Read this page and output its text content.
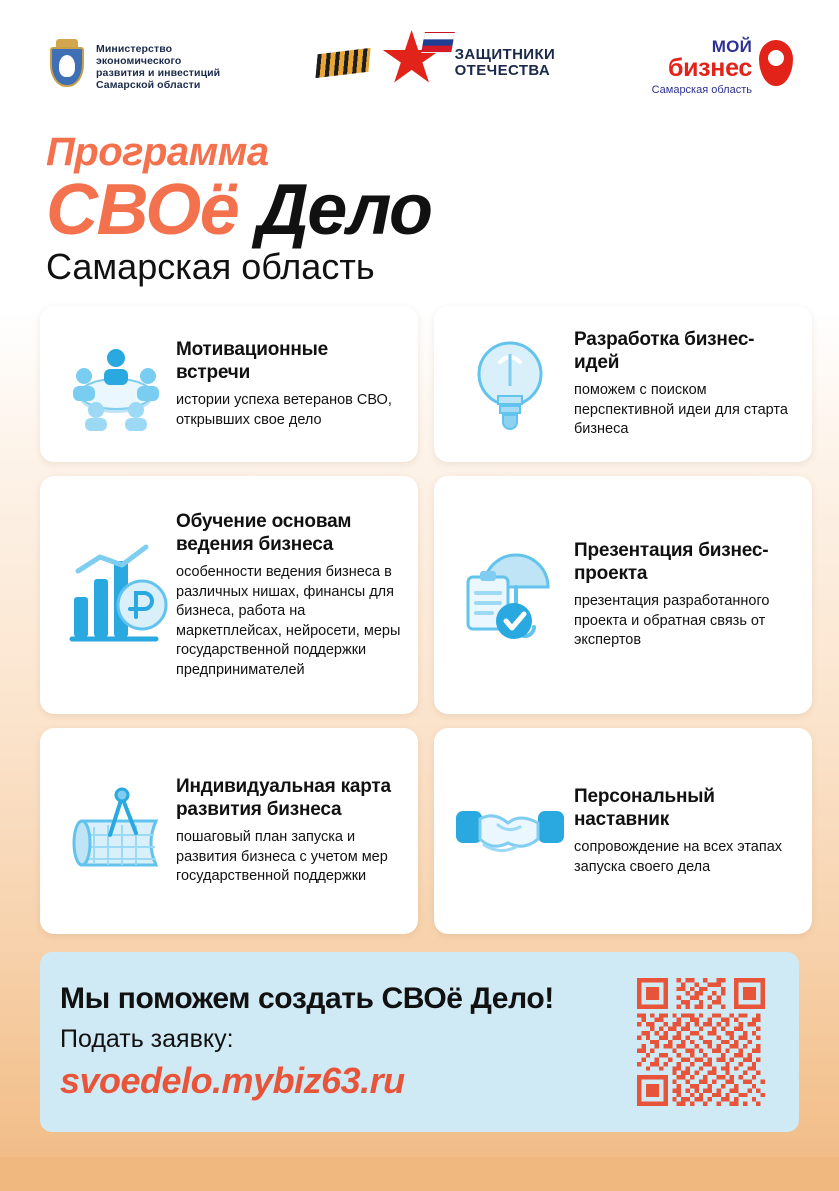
Министерство
экономического
развития и инвестиций
Самарской области
ЗАЩИТНИКИ
ОТЕЧЕСТВА
МОЙ
бизнес
Самарская область
Программа
СВОё Дело
Самарская область
Мотивационные встречи
истории успеха ветеранов СВО, открывших свое дело
Разработка бизнес-идей
поможем с поиском перспективной идеи для старта бизнеса
Обучение основам ведения бизнеса
особенности ведения бизнеса в различных нишах, финансы для бизнеса, работа на маркетплейсах, нейросети, меры государственной поддержки предпринимателей
Презентация бизнес-проекта
презентация разработанного проекта и обратная связь от экспертов
Индивидуальная карта развития бизнеса
пошаговый план запуска и развития бизнеса с учетом мер государственной поддержки
Персональный наставник
сопровождение на всех этапах запуска своего дела
Мы поможем создать СВОё Дело!
Подать заявку:
svoedelo.mybiz63.ru
